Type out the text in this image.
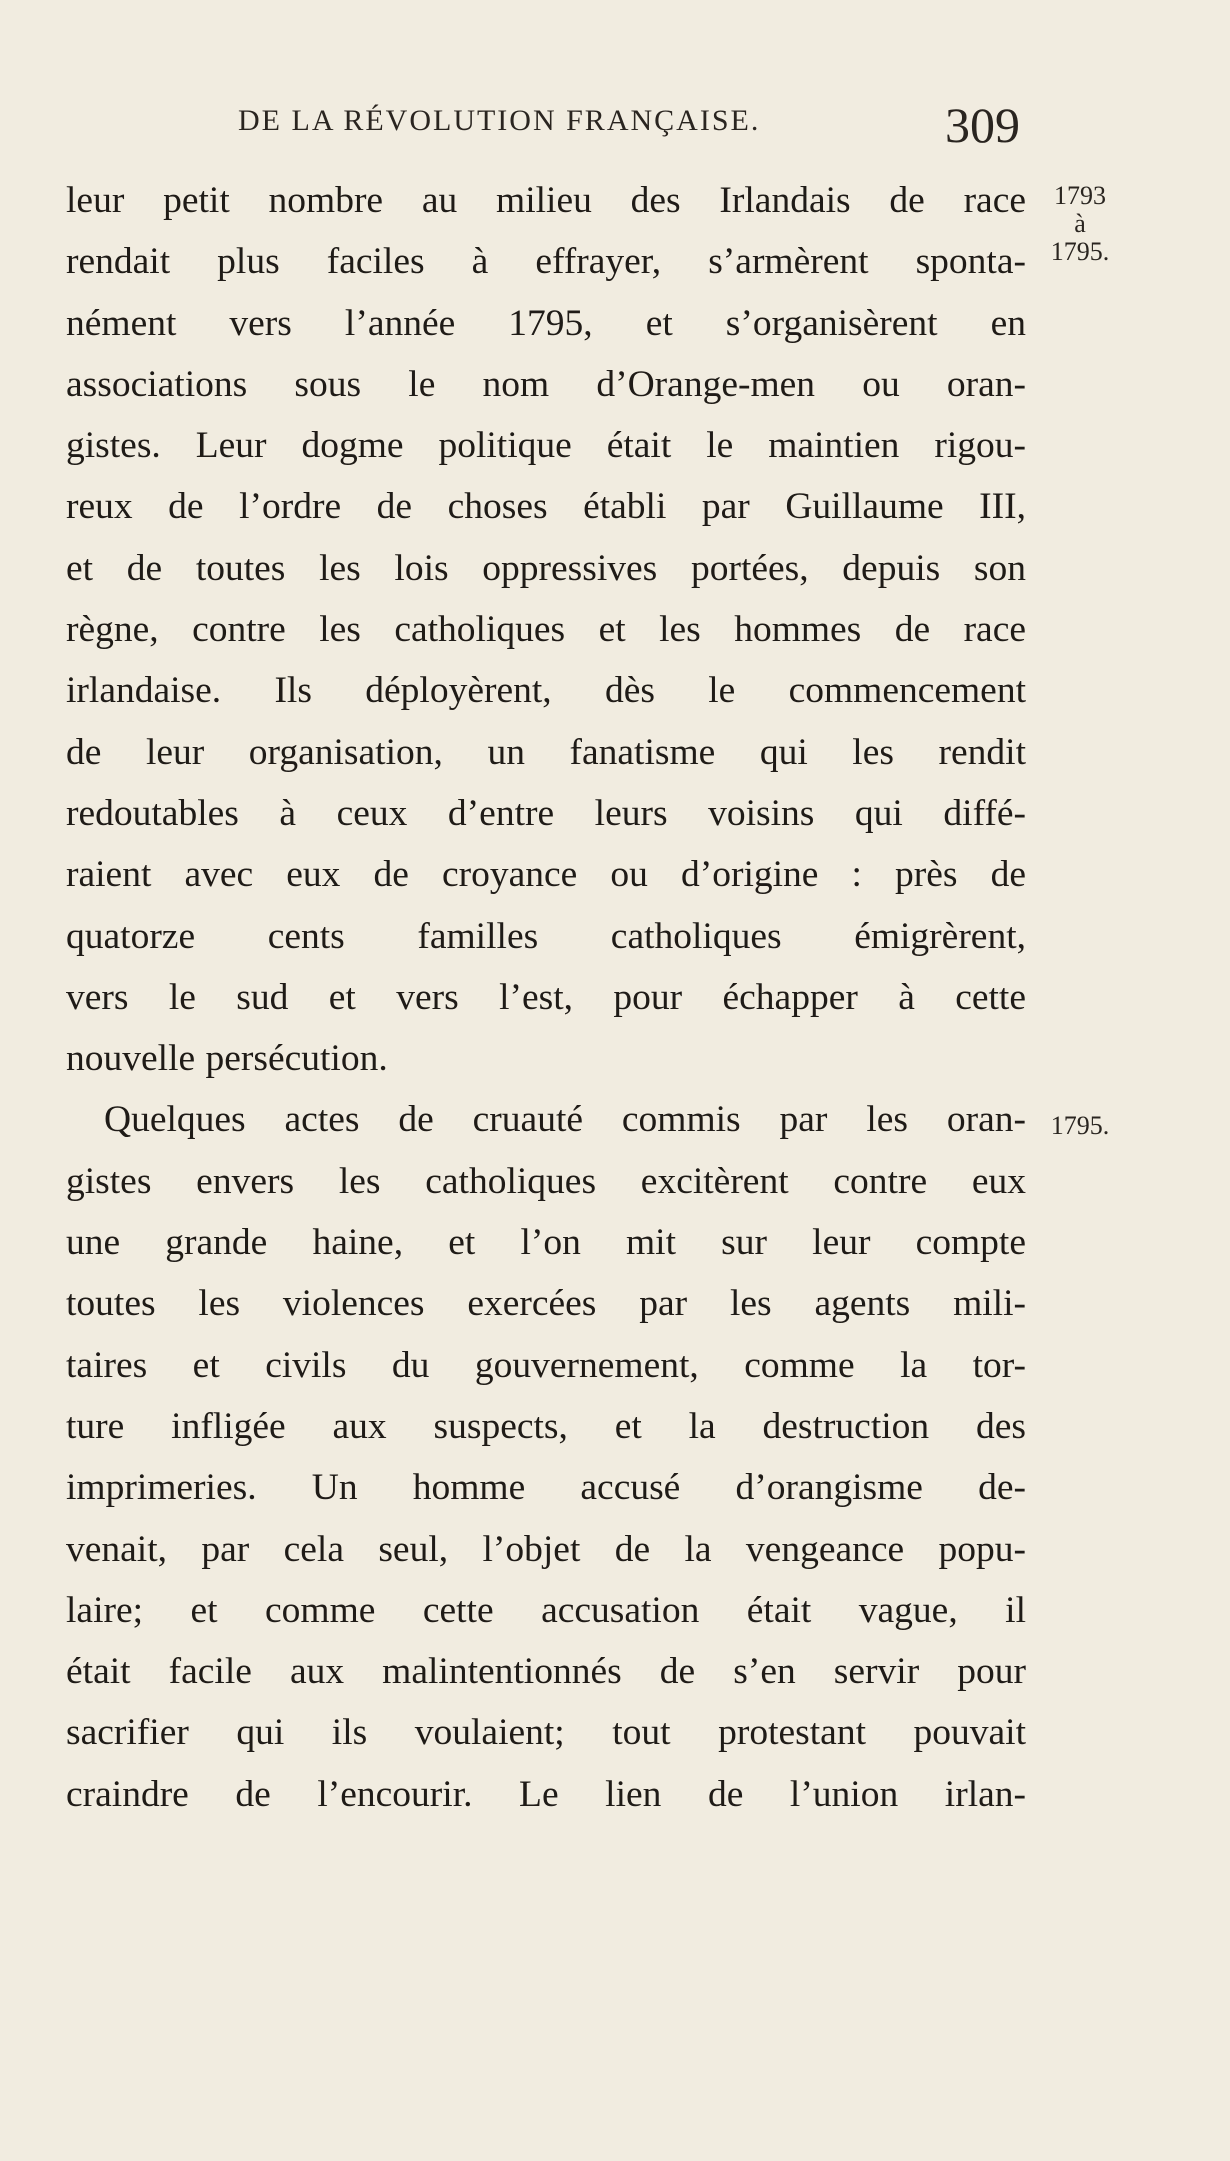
DE LA RÉVOLUTION FRANÇAISE.	309
1793
à
1795.
1795.
leur petit nombre au milieu des Irlandais de race
rendait plus faciles à effrayer, s’armèrent sponta-
nément vers l’année 1795, et s’organisèrent en
associations sous le nom d’Orange-men ou oran-
gistes. Leur dogme politique était le maintien rigou-
reux de l’ordre de choses établi par Guillaume III,
et de toutes les lois oppressives portées, depuis son
règne, contre les catholiques et les hommes de race
irlandaise. Ils déployèrent, dès le commencement
de leur organisation, un fanatisme qui les rendit
redoutables à ceux d’entre leurs voisins qui diffé-
raient avec eux de croyance ou d’origine : près de
quatorze cents familles catholiques émigrèrent,
vers le sud et vers l’est, pour échapper à cette
nouvelle persécution.
Quelques actes de cruauté commis par les oran-
gistes envers les catholiques excitèrent contre eux
une grande haine, et l’on mit sur leur compte
toutes les violences exercées par les agents mili-
taires et civils du gouvernement, comme la tor-
ture infligée aux suspects, et la destruction des
imprimeries. Un homme accusé d’orangisme de-
venait, par cela seul, l’objet de la vengeance popu-
laire; et comme cette accusation était vague, il
était facile aux malintentionnés de s’en servir pour
sacrifier qui ils voulaient; tout protestant pouvait
craindre de l’encourir. Le lien de l’union irlan-
